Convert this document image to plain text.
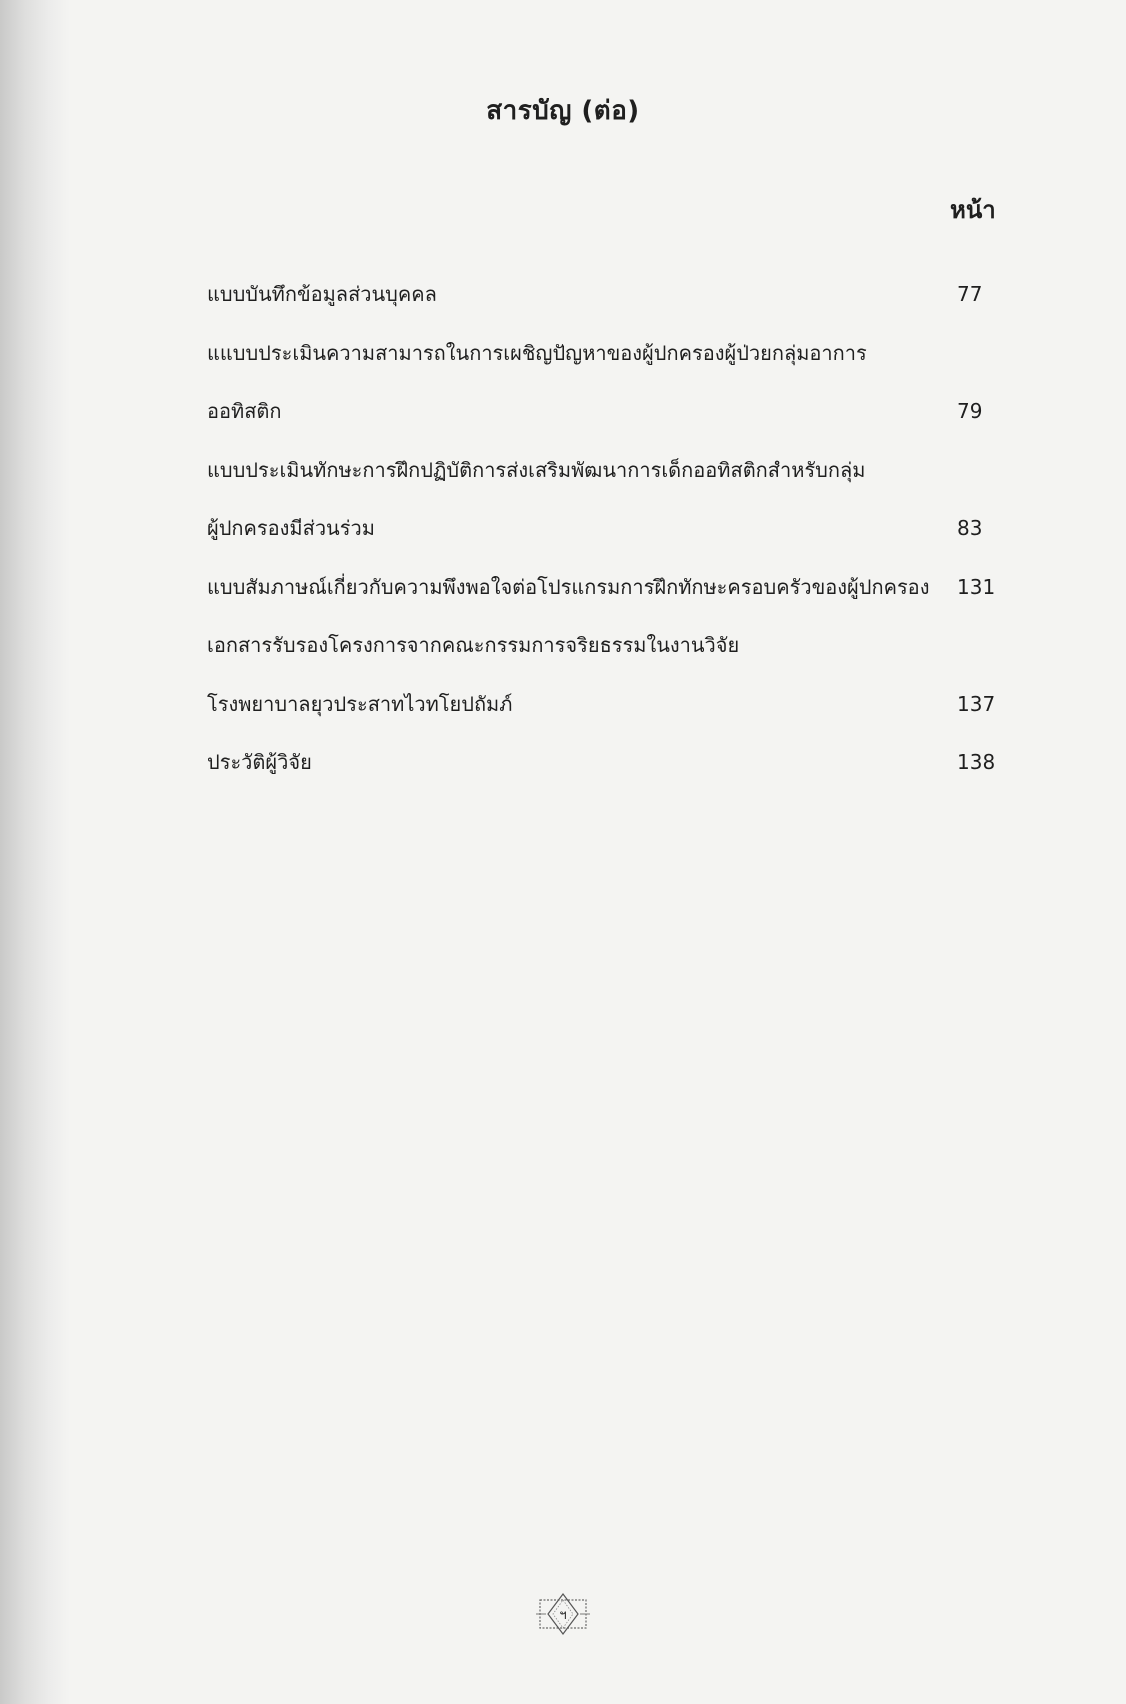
สารบัญ (ต่อ)
หน้า
แบบบันทึกข้อมูลส่วนบุคคล	77
แแบบประเมินความสามารถในการเผชิญปัญหาของผู้ปกครองผู้ป่วยกลุ่มอาการ
ออทิสติก	79
แบบประเมินทักษะการฝึกปฏิบัติการส่งเสริมพัฒนาการเด็กออทิสติกสำหรับกลุ่ม
ผู้ปกครองมีส่วนร่วม	83
แบบสัมภาษณ์เกี่ยวกับความพึงพอใจต่อโปรแกรมการฝึกทักษะครอบครัวของผู้ปกครอง 131
เอกสารรับรองโครงการจากคณะกรรมการจริยธรรมในงานวิจัย
โรงพยาบาลยุวประสาทไวทโยปถัมภ์	137
ประวัติผู้วิจัย	138
ฯ
